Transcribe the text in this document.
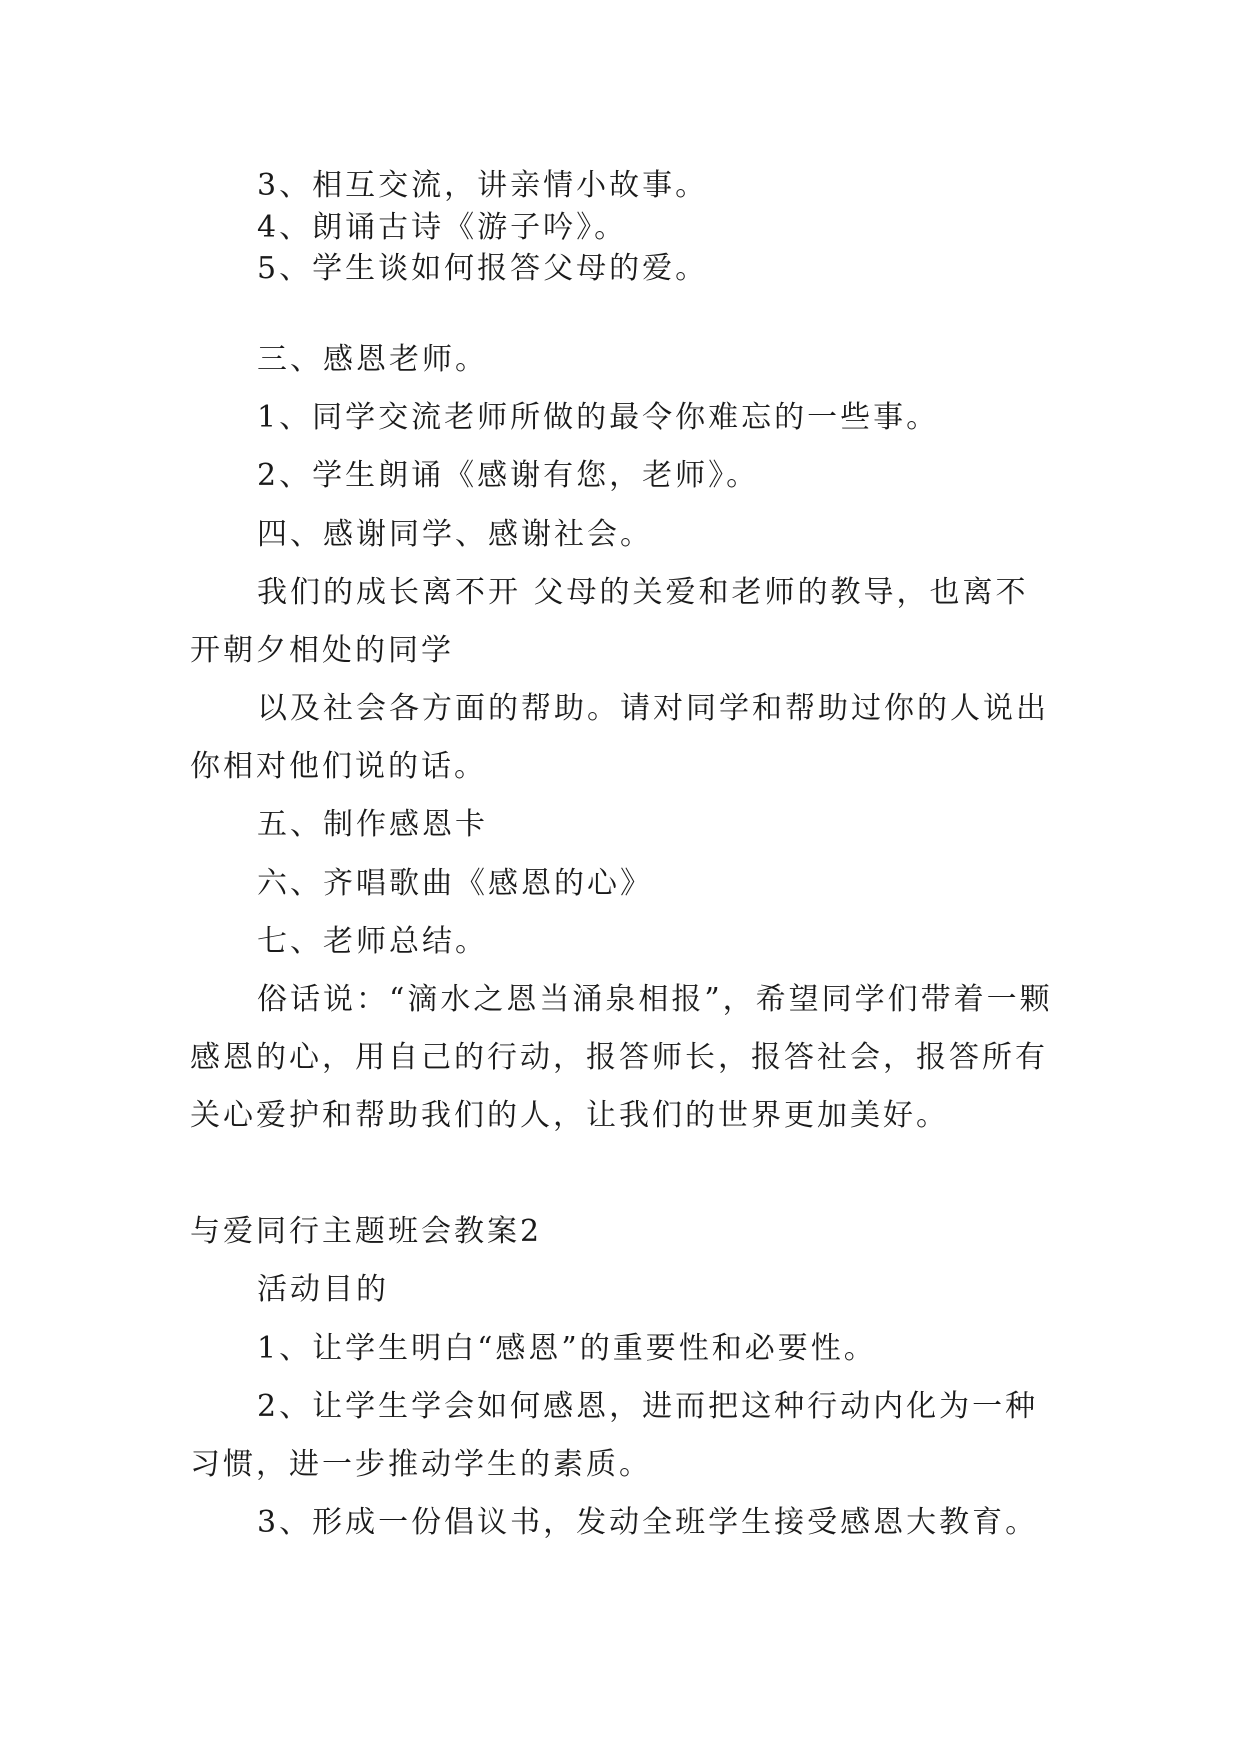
3、相互交流，讲亲情小故事。
4、朗诵古诗《游子吟》。
5、学生谈如何报答父母的爱。
三、感恩老师。
1、同学交流老师所做的最令你难忘的一些事。
2、学生朗诵《感谢有您，老师》。
四、感谢同学、感谢社会。
我们的成长离不开 父母的关爱和老师的教导，也离不
开朝夕相处的同学
以及社会各方面的帮助。请对同学和帮助过你的人说出
你相对他们说的话。
五、制作感恩卡
六、齐唱歌曲《感恩的心》
七、老师总结。
俗话说：“滴水之恩当涌泉相报”，希望同学们带着一颗
感恩的心，用自己的行动，报答师长，报答社会，报答所有
关心爱护和帮助我们的人，让我们的世界更加美好。
与爱同行主题班会教案2
活动目的
1、让学生明白“感恩”的重要性和必要性。
2、让学生学会如何感恩，进而把这种行动内化为一种
习惯，进一步推动学生的素质。
3、形成一份倡议书，发动全班学生接受感恩大教育。
